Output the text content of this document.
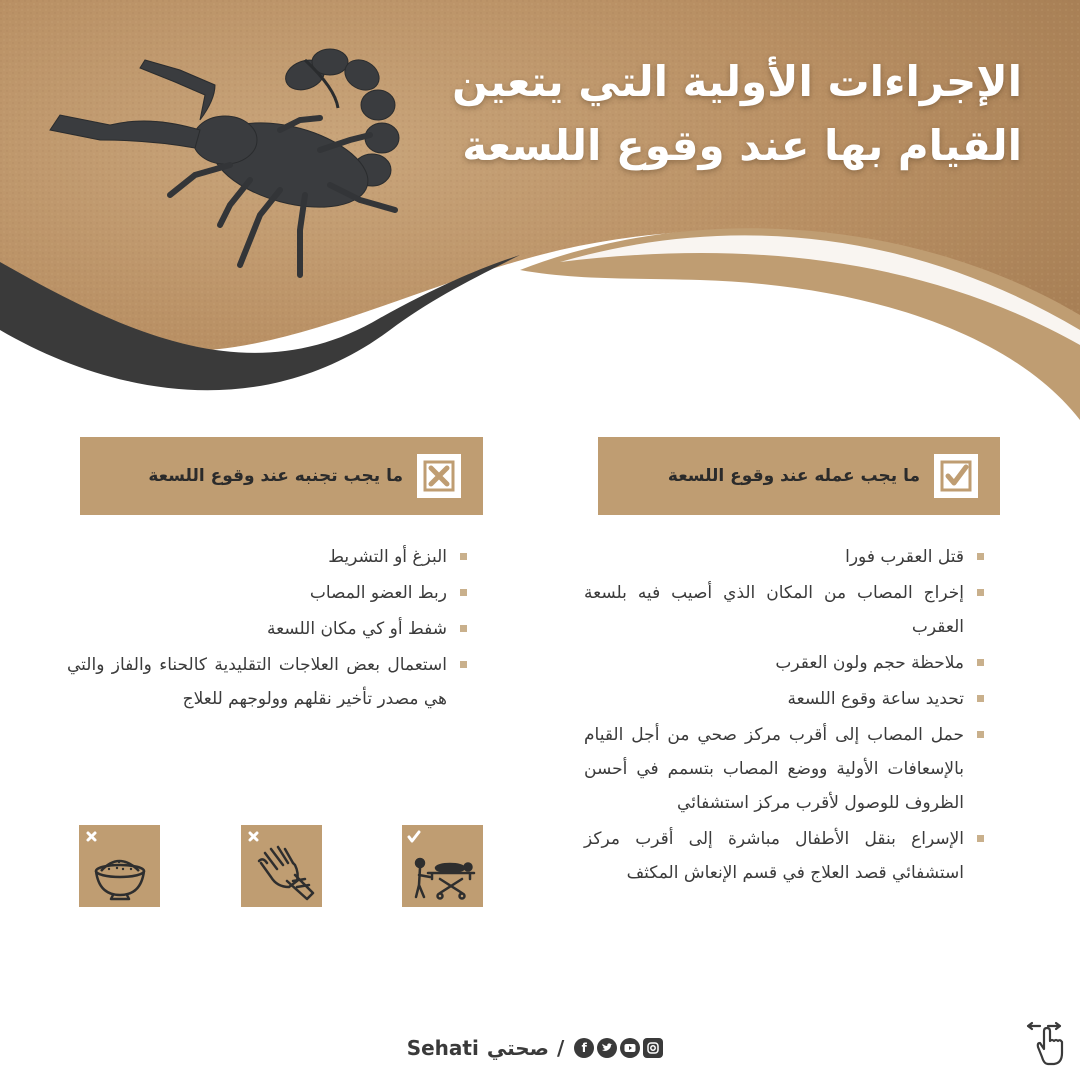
الإجراءات الأولية التي يتعين
القيام بها عند وقوع اللسعة
ما يجب عمله عند وقوع اللسعة
قتل العقرب فورا
إخراج المصاب من المكان الذي أصيب فيه بلسعة العقرب
ملاحظة حجم ولون العقرب
تحديد ساعة وقوع اللسعة
حمل المصاب إلى أقرب مركز صحي من أجل القيام بالإسعافات الأولية ووضع المصاب بتسمم في أحسن الظروف للوصول لأقرب مركز استشفائي
الإسراع بنقل الأطفال مباشرة إلى أقرب مركز استشفائي قصد العلاج في قسم الإنعاش المكثف
ما يجب تجنبه عند وقوع اللسعة
البزغ أو التشريط
ربط العضو المصاب
شفط أو كي مكان اللسعة
استعمال بعض العلاجات التقليدية كالحناء والفاز والتي هي مصدر تأخير نقلهم وولوجهم للعلاج
Sehati صحتي /	f
